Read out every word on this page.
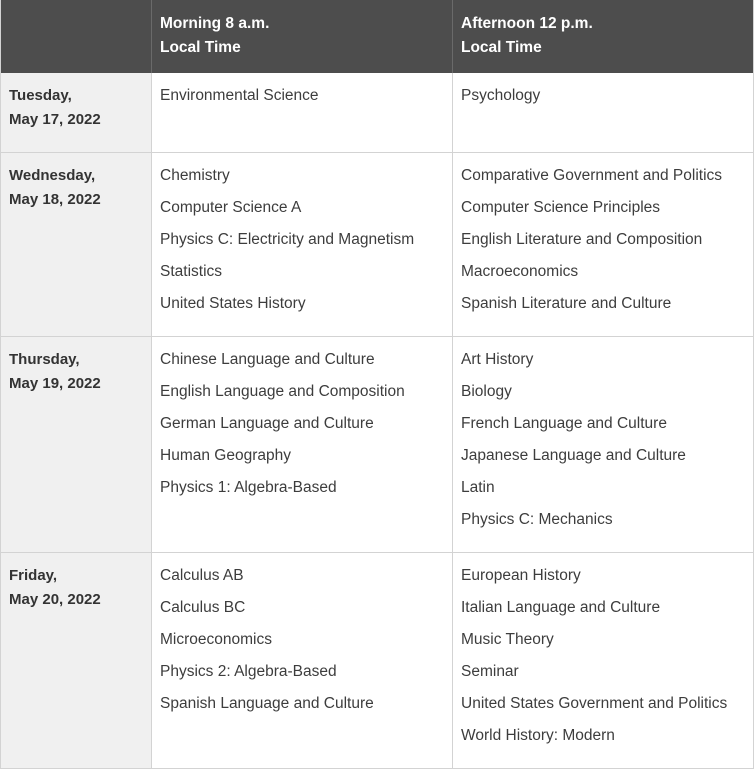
Morning 8 a.m.
Local Time
Afternoon 12 p.m.
Local Time
Tuesday,
May 17, 2022
Environmental Science	Psychology
Wednesday,
May 18, 2022
Chemistry
Computer Science A
Physics C: Electricity and Magnetism
Statistics
United States History
Comparative Government and Politics
Computer Science Principles
English Literature and Composition
Macroeconomics
Spanish Literature and Culture
Thursday,
May 19, 2022
Chinese Language and Culture
English Language and Composition
German Language and Culture
Human Geography
Physics 1: Algebra-Based
Art History
Biology
French Language and Culture
Japanese Language and Culture
Latin
Physics C: Mechanics
Friday,
May 20, 2022
Calculus AB
Calculus BC
Microeconomics
Physics 2: Algebra-Based
Spanish Language and Culture
European History
Italian Language and Culture
Music Theory
Seminar
United States Government and Politics
World History: Modern
